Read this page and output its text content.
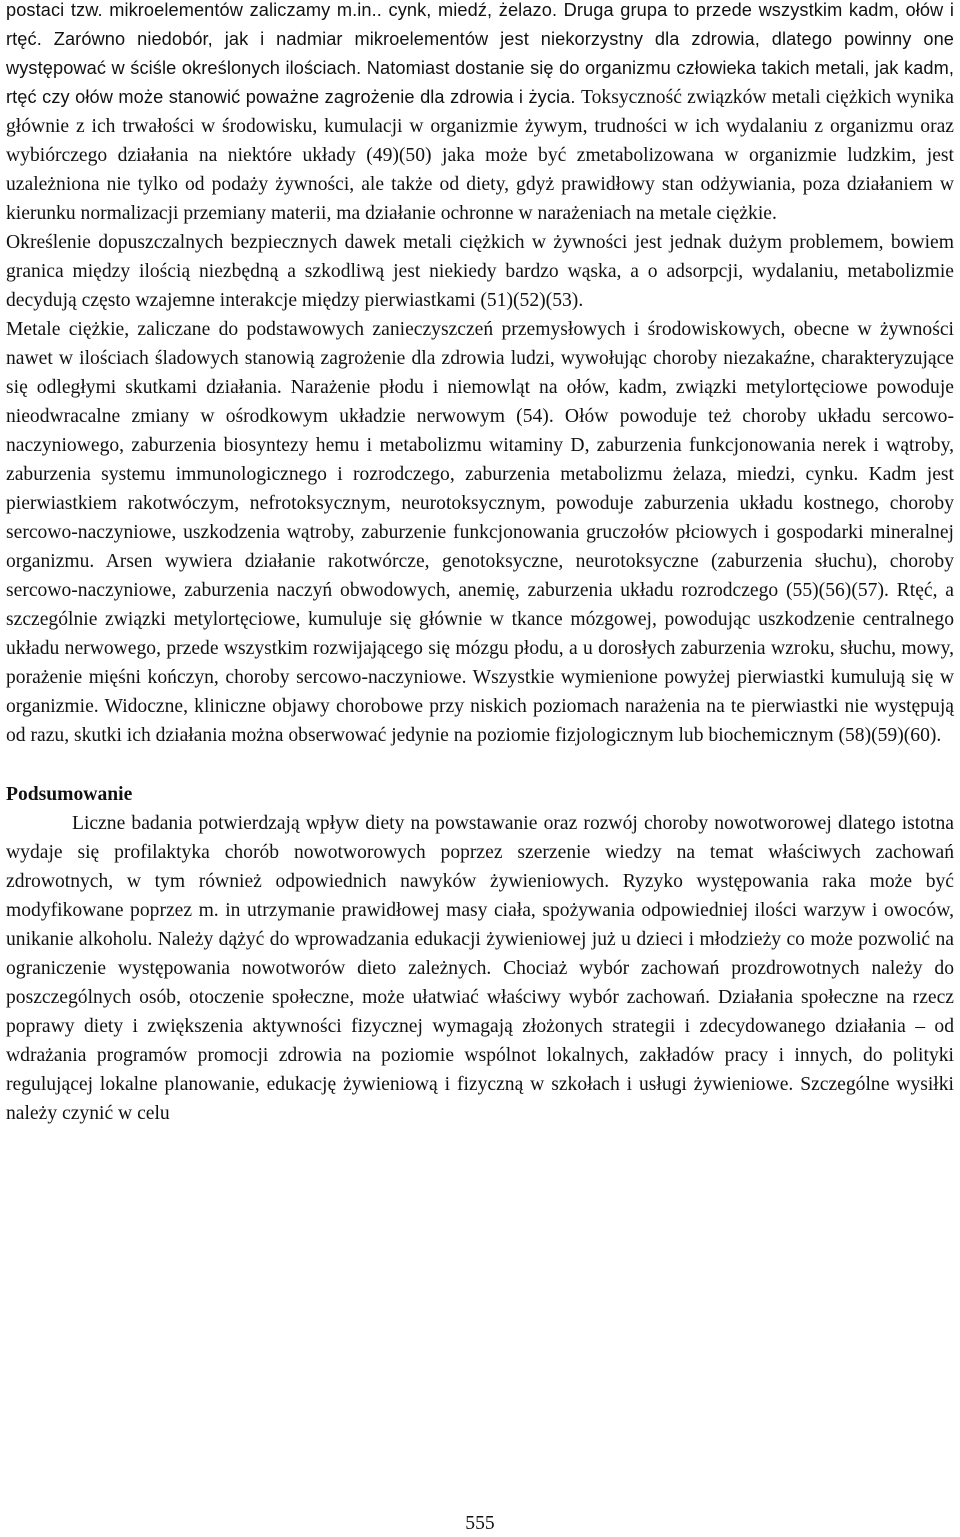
postaci tzw. mikroelementów zaliczamy m.in.. cynk, miedź, żelazo. Druga grupa to przede wszystkim kadm, ołów i rtęć. Zarówno niedobór, jak i nadmiar mikroelementów jest niekorzystny dla zdrowia, dlatego powinny one występować w ściśle określonych ilościach. Natomiast dostanie się do organizmu człowieka takich metali, jak kadm, rtęć czy ołów może stanowić poważne zagrożenie dla zdrowia i życia. Toksyczność związków metali ciężkich wynika głównie z ich trwałości w środowisku, kumulacji w organizmie żywym, trudności w ich wydalaniu z organizmu oraz wybiórczego działania na niektóre układy (49)(50) jaka może być zmetabolizowana w organizmie ludzkim, jest uzależniona nie tylko od podaży żywności, ale także od diety, gdyż prawidłowy stan odżywiania, poza działaniem w kierunku normalizacji przemiany materii, ma działanie ochronne w narażeniach na metale ciężkie.

Określenie dopuszczalnych bezpiecznych dawek metali ciężkich w żywności jest jednak dużym problemem, bowiem granica między ilością niezbędną a szkodliwą jest niekiedy bardzo wąska, a o adsorpcji, wydalaniu, metabolizmie decydują często wzajemne interakcje między pierwiastkami (51)(52)(53).

Metale ciężkie, zaliczane do podstawowych zanieczyszczeń przemysłowych i środowiskowych, obecne w żywności nawet w ilościach śladowych stanowią zagrożenie dla zdrowia ludzi, wywołując choroby niezakaźne, charakteryzujące się odległymi skutkami działania. Narażenie płodu i niemowląt na ołów, kadm, związki metylortęciowe powoduje nieodwracalne zmiany w ośrodkowym układzie nerwowym (54). Ołów powoduje też choroby układu sercowo-naczyniowego, zaburzenia biosyntezy hemu i metabolizmu witaminy D, zaburzenia funkcjonowania nerek i wątroby, zaburzenia systemu immunologicznego i rozrodczego, zaburzenia metabolizmu żelaza, miedzi, cynku. Kadm jest pierwiastkiem rakotwóczym, nefrotoksycznym, neurotoksycznym, powoduje zaburzenia układu kostnego, choroby sercowo-naczyniowe, uszkodzenia wątroby, zaburzenie funkcjonowania gruczołów płciowych i gospodarki mineralnej organizmu. Arsen wywiera działanie rakotwórcze, genotoksyczne, neurotoksyczne (zaburzenia słuchu), choroby sercowo-naczyniowe, zaburzenia naczyń obwodowych, anemię, zaburzenia układu rozrodczego (55)(56)(57). Rtęć, a szczególnie związki metylortęciowe, kumuluje się głównie w tkance mózgowej, powodując uszkodzenie centralnego układu nerwowego, przede wszystkim rozwijającego się mózgu płodu, a u dorosłych zaburzenia wzroku, słuchu, mowy, porażenie mięśni kończyn, choroby sercowo-naczyniowe. Wszystkie wymienione powyżej pierwiastki kumulują się w organizmie. Widoczne, kliniczne objawy chorobowe przy niskich poziomach narażenia na te pierwiastki nie występują od razu, skutki ich działania można obserwować jedynie na poziomie fizjologicznym lub biochemicznym (58)(59)(60).

Podsumowanie

Liczne badania potwierdzają wpływ diety na powstawanie oraz rozwój choroby nowotworowej dlatego istotna wydaje się profilaktyka chorób nowotworowych poprzez szerzenie wiedzy na temat właściwych zachowań zdrowotnych, w tym również odpowiednich nawyków żywieniowych. Ryzyko występowania raka może być modyfikowane poprzez m. in utrzymanie prawidłowej masy ciała, spożywania odpowiedniej ilości warzyw i owoców, unikanie alkoholu. Należy dążyć do wprowadzania edukacji żywieniowej już u dzieci i młodzieży co może pozwolić na ograniczenie występowania nowotworów dieto zależnych. Chociaż wybór zachowań prozdrowotnych należy do poszczególnych osób, otoczenie społeczne, może ułatwiać właściwy wybór zachowań. Działania społeczne na rzecz poprawy diety i zwiększenia aktywności fizycznej wymagają złożonych strategii i zdecydowanego działania – od wdrażania programów promocji zdrowia na poziomie wspólnot lokalnych, zakładów pracy i innych, do polityki regulującej lokalne planowanie, edukację żywieniową i fizyczną w szkołach i usługi żywieniowe. Szczególne wysiłki należy czynić w celu

555
